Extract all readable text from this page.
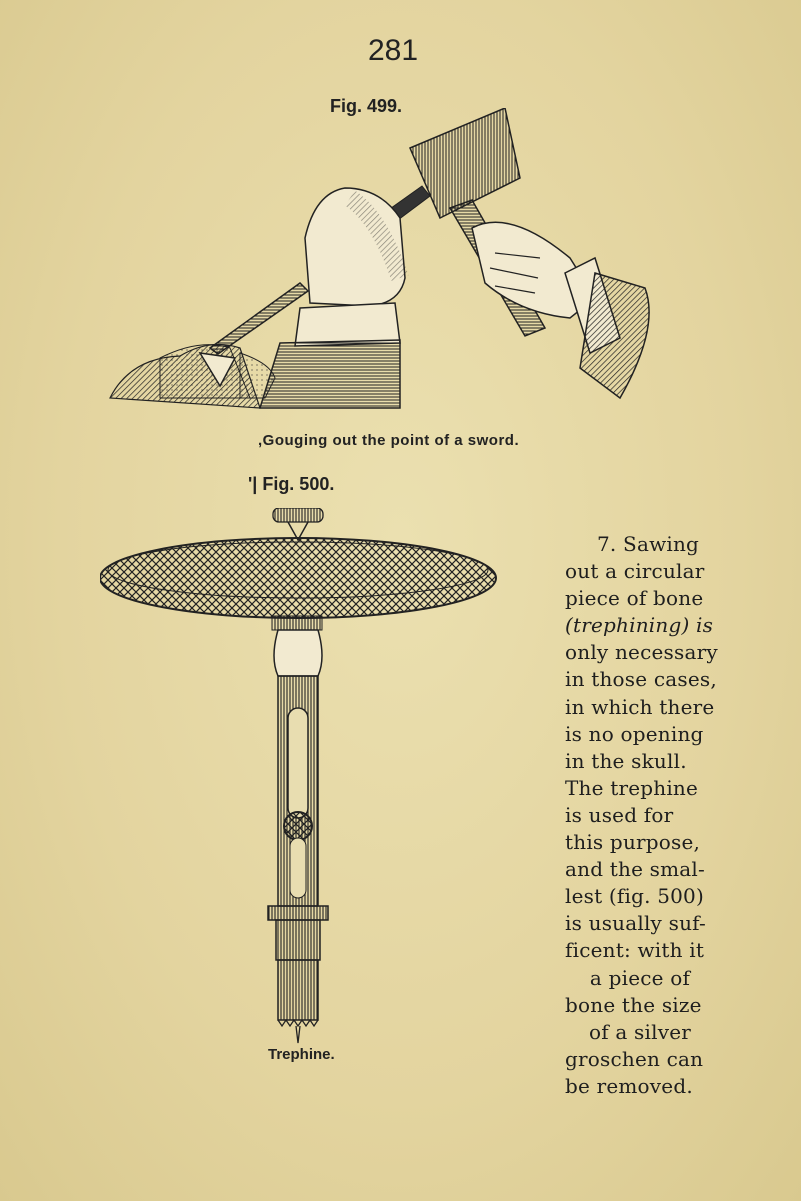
281
Fig. 499.
,Gouging out the point of a sword.
'| Fig. 500.
Trephine.
7. Sawing
out a circular
piece of bone
(trephining) is
only necessary
in those cases,
in which there
is no opening
in the skull.
The trephine
is used for
this purpose,
and the smal-
lest (fig. 500)
is usually suf-
ficent: with it
a piece of
bone the size
of a silver
groschen can
be removed.
